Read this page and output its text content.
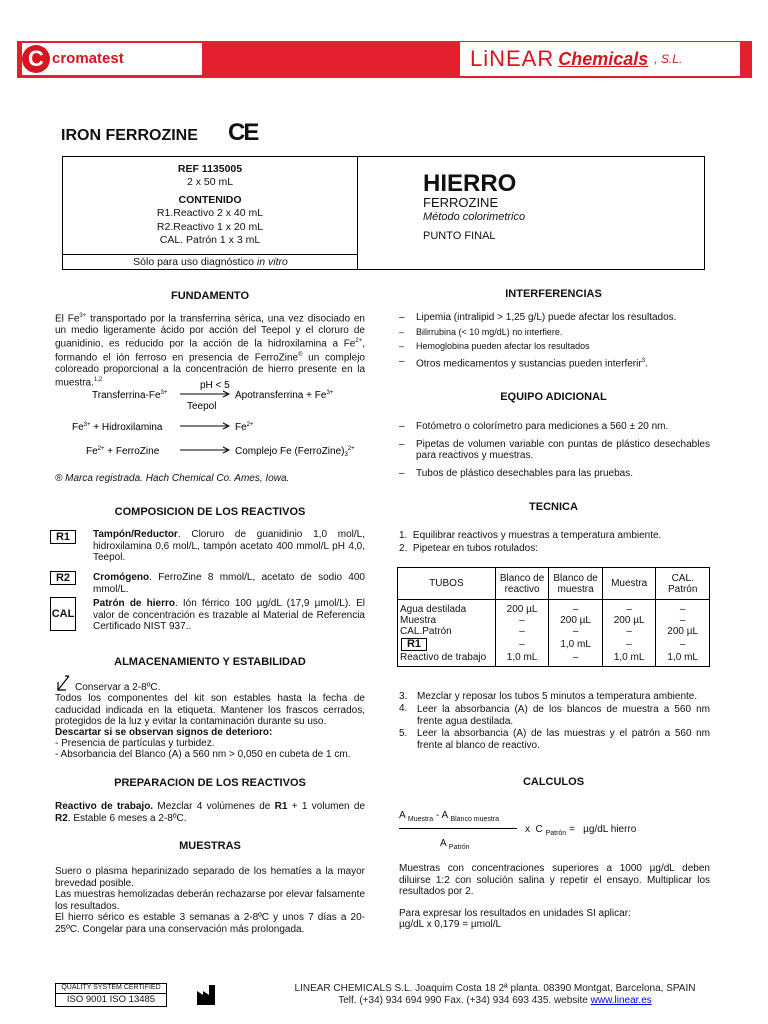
C cromatest	LiNEAR Chemicals , S.L.
IRON FERROZINE CE
REF 1135005
2 x 50 mL
CONTENIDO
R1.Reactivo 2 x 40 mL
R2.Reactivo 1 x 20 mL
CAL. Patrón 1 x 3 mL
Sólo para uso diagnóstico in vitro
HIERRO
FERROZINE
Método colorimetrico
PUNTO FINAL
FUNDAMENTO
El $Fe^{3+}$ transportado por la transferrina sérica, una vez disociado en un medio ligeramente ácido por acción del Teepol y el cloruro de guanidinio, es reducido por la acción de la hidroxilamina a $Fe^{2+}$, formando el ión ferroso en presencia de FerroZine® un complejo coloreado proporcional a la concentración de hierro presente en la muestra.$^{1,2}$
Transferrina-$Fe^{3+}$
pH < 5
Teepol
Apotransferrina + $Fe^{3+}$
$Fe^{3+}$ + Hidroxilamina	$Fe^{2+}$
$Fe^{2+}$ + FerroZine	Complejo Fe $(FerroZine)_3^{2+}$
® Marca registrada. Hach Chemical Co. Ames, Iowa.
COMPOSICION DE LOS REACTIVOS
R1	Tampón/Reductor. Cloruro de guanidinio 1,0 mol/L, hidroxilamina 0,6 mol/L, tampón acetato 400 mmol/L pH 4,0, Teepol.
R2	Cromógeno. FerroZine 8 mmol/L, acetato de sodio 400 mmol/L.
CAL
Patrón de hierro. Ión férrico 100 µg/dL (17,9 µmol/L). El valor de concentración es trazable al Material de Referencia Certificado NIST 937..
ALMACENAMIENTO Y ESTABILIDAD
Conservar a 2-8ºC.
Todos los componentes del kit son estables hasta la fecha de caducidad indicada en la etiqueta. Mantener los frascos cerrados, protegidos de la luz y evitar la contaminación durante su uso.
Descartar si se observan signos de deterioro:
- Presencia de partículas y turbidez.
- Absorbancia del Blanco (A) a 560 nm > 0,050 en cubeta de 1 cm.
PREPARACION DE LOS REACTIVOS
Reactivo de trabajo. Mezclar 4 volúmenes de R1 + 1 volumen de R2. Estable 6 meses a 2-8ºC.
MUESTRAS
Suero o plasma heparinizado separado de los hematíes a la mayor brevedad posible.
Las muestras hemolizadas deberán rechazarse por elevar falsamente los resultados.
El hierro sérico es estable 3 semanas a 2-8ºC y unos 7 días a 20-25ºC. Congelar para una conservación más prolongada.
INTERFERENCIAS
– Lipemia (intralipid > 1,25 g/L) puede afectar los resultados.
– Bilirrubina (< 10 mg/dL) no interfiere.
– Hemoglobina pueden afectar los resultados
– Otros medicamentos y sustancias pueden interferir$^3$.
EQUIPO ADICIONAL
– Fotómetro o colorímetro para mediciones a 560 ± 20 nm.
– Pipetas de volumen variable con puntas de plástico desechables para reactivos y muestras.
– Tubos de plástico desechables para las pruebas.
TECNICA
1.  Equilibrar reactivos y muestras a temperatura ambiente.
2.  Pipetear en tubos rotulados:
TUBOS	Blanco de reactivo	Blanco de muestra	Muestra	CAL. Patrón
Agua destilada	200 µL	–	–	–
Muestra	–	200 µL	200 µL	–
CAL.Patrón	–	–	–	200 µL
R1	–	1,0 mL	–	–
Reactivo de trabajo	1,0 mL	–	1,0 mL	1,0 mL
3. Mezclar y reposar los tubos 5 minutos a temperatura ambiente.
4. Leer la absorbancia (A) de los blancos de muestra a 560 nm frente agua destilada.
5. Leer la absorbancia (A) de las muestras y el patrón a 560 nm frente al blanco de reactivo.
CALCULOS
A $_{Muestra}$ - A $_{Blanco muestra}$
x  C $_{Patrón}$ =   µg/dL hierro
A $_{Patrón}$
Muestras con concentraciones superiores a 1000 µg/dL deben diluirse 1:2 con solución salina y repetir el ensayo. Multiplicar los resultados por 2.
Para expresar los resultados en unidades SI aplicar:
µg/dL x 0,179 = µmol/L
QUALITY SYSTEM CERTIFIED
ISO 9001 ISO 13485
LINEAR CHEMICALS S.L. Joaquim Costa 18 2ª planta. 08390 Montgat, Barcelona, SPAIN
Telf. (+34) 934 694 990 Fax. (+34) 934 693 435. website www.linear.es
